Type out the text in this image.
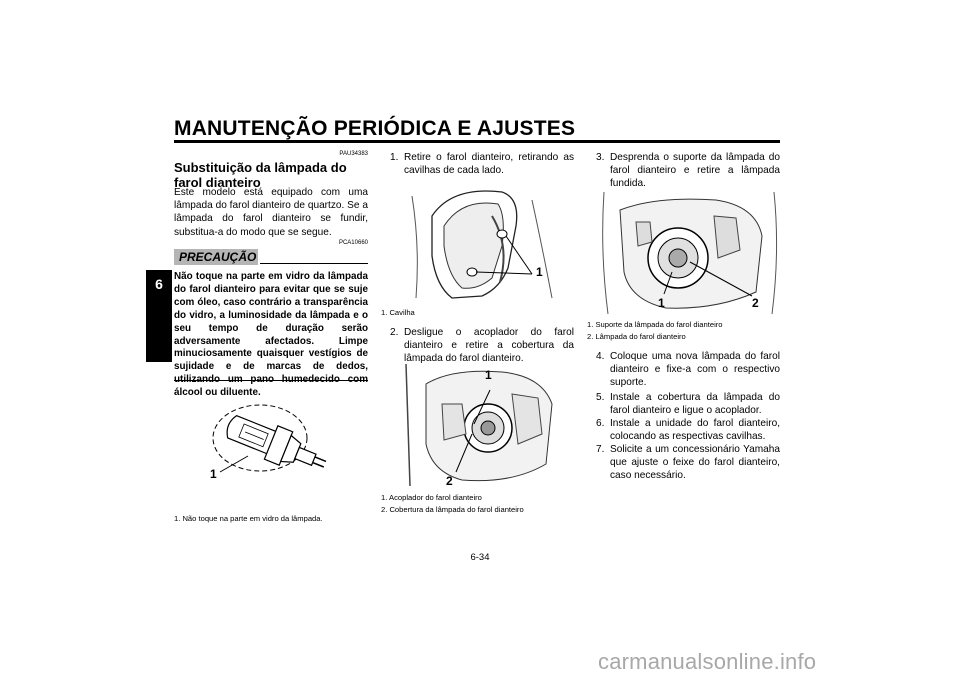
MANUTENÇÃO PERIÓDICA E AJUSTES
6
PAU34383
Substituição da lâmpada do farol dianteiro
Este modelo está equipado com uma lâmpada do farol dianteiro de quartzo. Se a lâmpada do farol dianteiro se fundir, substitua-a do modo que se segue.
PCA10660
PRECAUÇÃO
Não toque na parte em vidro da lâmpada do farol dianteiro para evitar que se suje com óleo, caso contrário a transparência do vidro, a luminosidade da lâmpada e o seu tempo de duração serão adversamente afectados. Limpe minuciosamente quaisquer vestígios de sujidade e de marcas de dedos, utilizando um pano humedecido com álcool ou diluente.
1
1. Não toque na parte em vidro da lâmpada.
1. Retire o farol dianteiro, retirando as cavilhas de cada lado.
1
1. Cavilha
2. Desligue o acoplador do farol dianteiro e retire a cobertura da lâmpada do farol dianteiro.
1
2
1. Acoplador do farol dianteiro
2. Cobertura da lâmpada do farol dianteiro
3. Desprenda o suporte da lâmpada do farol dianteiro e retire a lâmpada fundida.
1	2
1. Suporte da lâmpada do farol dianteiro
2. Lâmpada do farol dianteiro
4. Coloque uma nova lâmpada do farol dianteiro e fixe-a com o respectivo suporte.
5. Instale a cobertura da lâmpada do farol dianteiro e ligue o acoplador.
6. Instale a unidade do farol dianteiro, colocando as respectivas cavilhas.
7. Solicite a um concessionário Yamaha que ajuste o feixe do farol dianteiro, caso necessário.
6-34
carmanualsonline.info
